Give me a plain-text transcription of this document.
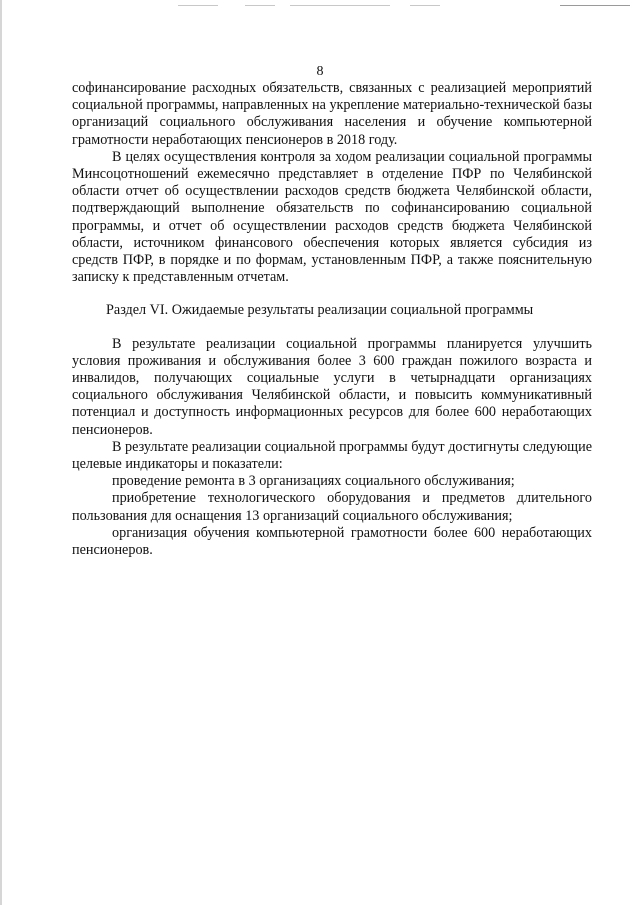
8

софинансирование расходных обязательств, связанных с реализацией мероприятий социальной программы, направленных на укрепление материально-технической базы организаций социального обслуживания населения и обучение компьютерной грамотности неработающих пенсионеров в 2018 году.

В целях осуществления контроля за ходом реализации социальной программы Минсоцотношений ежемесячно представляет в отделение ПФР по Челябинской области отчет об осуществлении расходов средств бюджета Челябинской области, подтверждающий выполнение обязательств по софинансированию социальной программы, и отчет об осуществлении расходов средств бюджета Челябинской области, источником финансового обеспечения которых является субсидия из средств ПФР, в порядке и по формам, установленным ПФР, а также пояснительную записку к представленным отчетам.

Раздел VI. Ожидаемые результаты реализации социальной программы

В результате реализации социальной программы планируется улучшить условия проживания и обслуживания более 3 600 граждан пожилого возраста и инвалидов, получающих социальные услуги в четырнадцати организациях социального обслуживания Челябинской области, и повысить коммуникативный потенциал и доступность информационных ресурсов для более 600 неработающих пенсионеров.

В результате реализации социальной программы будут достигнуты следующие целевые индикаторы и показатели:

проведение ремонта в 3 организациях социального обслуживания;

приобретение технологического оборудования и предметов длительного пользования для оснащения 13 организаций социального обслуживания;

организация обучения компьютерной грамотности более 600 неработающих пенсионеров.
